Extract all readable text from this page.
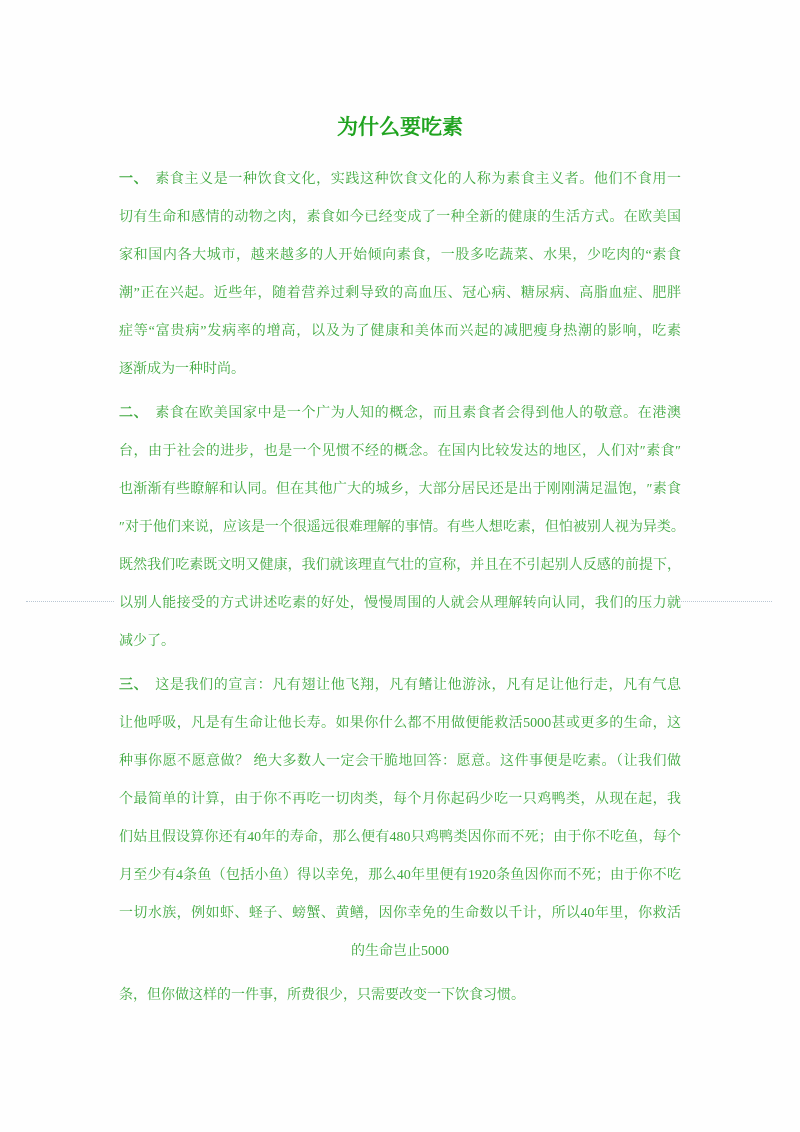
为什么要吃素
一、 素食主义是一种饮食文化，实践这种饮食文化的人称为素食主义者。他们不食用一
切有生命和感情的动物之肉，素食如今已经变成了一种全新的健康的生活方式。在欧美国
家和国内各大城市，越来越多的人开始倾向素食，一股多吃蔬菜、水果，少吃肉的“素食
潮”正在兴起。近些年，随着营养过剩导致的高血压、冠心病、糖尿病、高脂血症、肥胖
症等“富贵病”发病率的增高，以及为了健康和美体而兴起的减肥瘦身热潮的影响，吃素
逐渐成为一种时尚。
二、 素食在欧美国家中是一个广为人知的概念，而且素食者会得到他人的敬意。在港澳
台，由于社会的进步，也是一个见惯不经的概念。在国内比较发达的地区，人们对″素食″
也渐渐有些瞭解和认同。但在其他广大的城乡，大部分居民还是出于刚刚满足温饱，″素食
″对于他们来说，应该是一个很遥远很难理解的事情。有些人想吃素，但怕被别人视为异类。
既然我们吃素既文明又健康，我们就该理直气壮的宣称，并且在不引起别人反感的前提下，
以别人能接受的方式讲述吃素的好处，慢慢周围的人就会从理解转向认同，我们的压力就
减少了。
三、 这是我们的宣言：凡有翅让他飞翔，凡有鳍让他游泳，凡有足让他行走，凡有气息
让他呼吸，凡是有生命让他长寿。如果你什么都不用做便能救活5000甚或更多的生命，这
种事你愿不愿意做？ 绝大多数人一定会干脆地回答：愿意。这件事便是吃素。（让我们做
个最简单的计算，由于你不再吃一切肉类，每个月你起码少吃一只鸡鸭类，从现在起，我
们姑且假设算你还有40年的寿命，那么便有480只鸡鸭类因你而不死；由于你不吃鱼，每个
月至少有4条鱼（包括小鱼）得以幸免，那么40年里便有1920条鱼因你而不死；由于你不吃
一切水族，例如虾、蛏子、螃蟹、黄鳝，因你幸免的生命数以千计，所以40年里，你救活
的生命岂止5000
条，但你做这样的一件事，所费很少，只需要改变一下饮食习惯。
